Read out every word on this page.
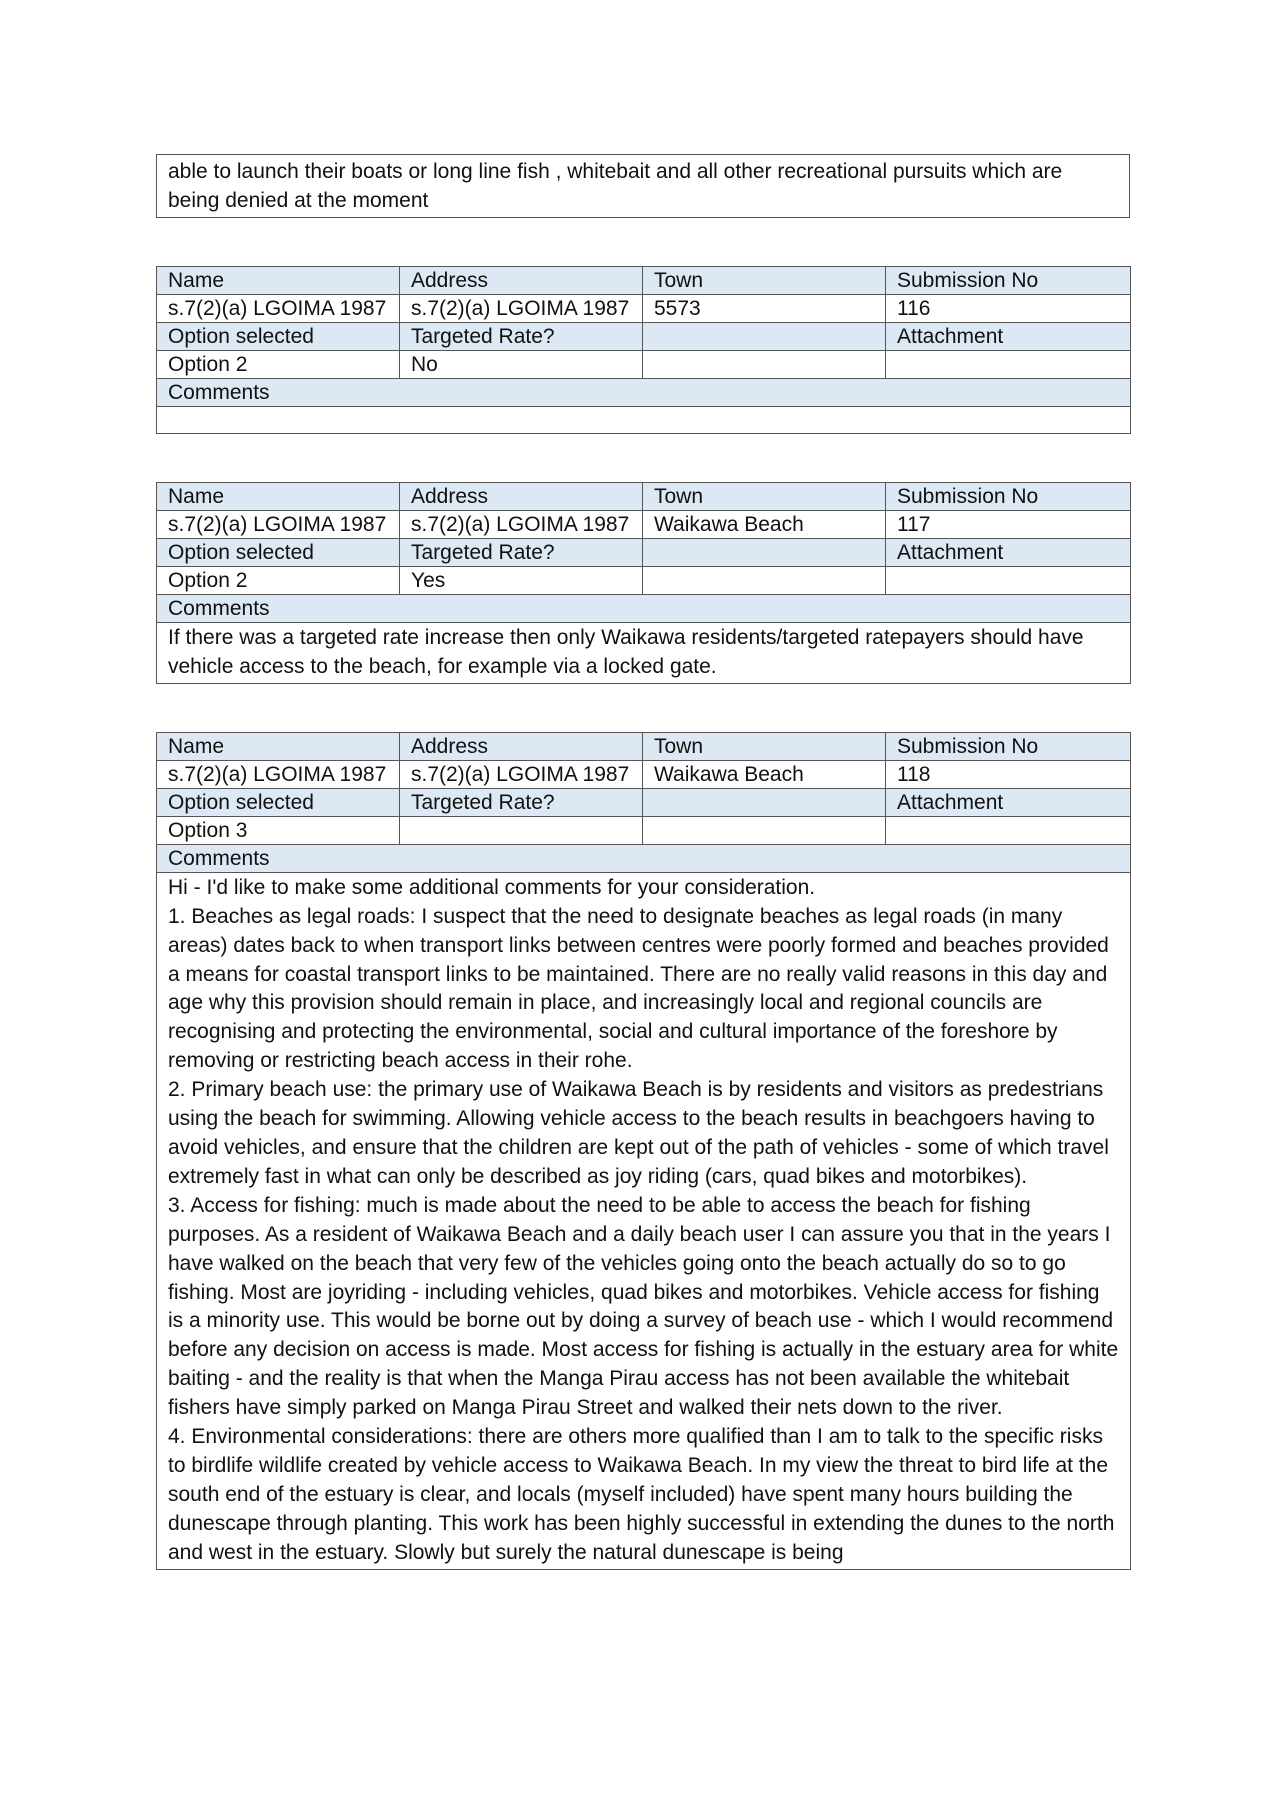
able to launch their boats or long line fish , whitebait and all other recreational pursuits which are being denied at the moment
Name	Address	Town	Submission No
s.7(2)(a) LGOIMA 1987	s.7(2)(a) LGOIMA 1987	5573	116
Option selected	Targeted Rate?		Attachment
Option 2	No		
Comments			

Name	Address	Town	Submission No
s.7(2)(a) LGOIMA 1987	s.7(2)(a) LGOIMA 1987	Waikawa Beach	117
Option selected	Targeted Rate?		Attachment
Option 2	Yes		
Comments			

If there was a targeted rate increase then only Waikawa residents/targeted ratepayers should have vehicle access to the beach, for example via a locked gate.			
Name	Address	Town	Submission No
s.7(2)(a) LGOIMA 1987	s.7(2)(a) LGOIMA 1987	Waikawa Beach	118
Option selected	Targeted Rate?		Attachment
Option 3			
Comments			

Hi - I'd like to make some additional comments for your consideration.
1. Beaches as legal roads: I suspect that the need to designate beaches as legal roads (in many areas) dates back to when transport links between centres were poorly formed and beaches provided a means for coastal transport links to be maintained. There are no really valid reasons in this day and age why this provision should remain in place, and increasingly local and regional councils are recognising and protecting the environmental, social and cultural importance of the foreshore by removing or restricting beach access in their rohe.
2. Primary beach use: the primary use of Waikawa Beach is by residents and visitors as predestrians using the beach for swimming. Allowing vehicle access to the beach results in beachgoers having to avoid vehicles, and ensure that the children are kept out of the path of vehicles - some of which travel extremely fast in what can only be described as joy riding (cars, quad bikes and motorbikes).
3. Access for fishing: much is made about the need to be able to access the beach for fishing purposes. As a resident of Waikawa Beach and a daily beach user I can assure you that in the years I have walked on the beach that very few of the vehicles going onto the beach actually do so to go fishing. Most are joyriding - including vehicles, quad bikes and motorbikes. Vehicle access for fishing is a minority use. This would be borne out by doing a survey of beach use - which I would recommend before any decision on access is made. Most access for fishing is actually in the estuary area for white baiting - and the reality is that when the Manga Pirau access has not been available the whitebait fishers have simply parked on Manga Pirau Street and walked their nets down to the river.
4. Environmental considerations: there are others more qualified than I am to talk to the specific risks to birdlife wildlife created by vehicle access to Waikawa Beach. In my view the threat to bird life at the south end of the estuary is clear, and locals (myself included) have spent many hours building the dunescape through planting. This work has been highly successful in extending the dunes to the north and west in the estuary. Slowly but surely the natural dunescape is being			
